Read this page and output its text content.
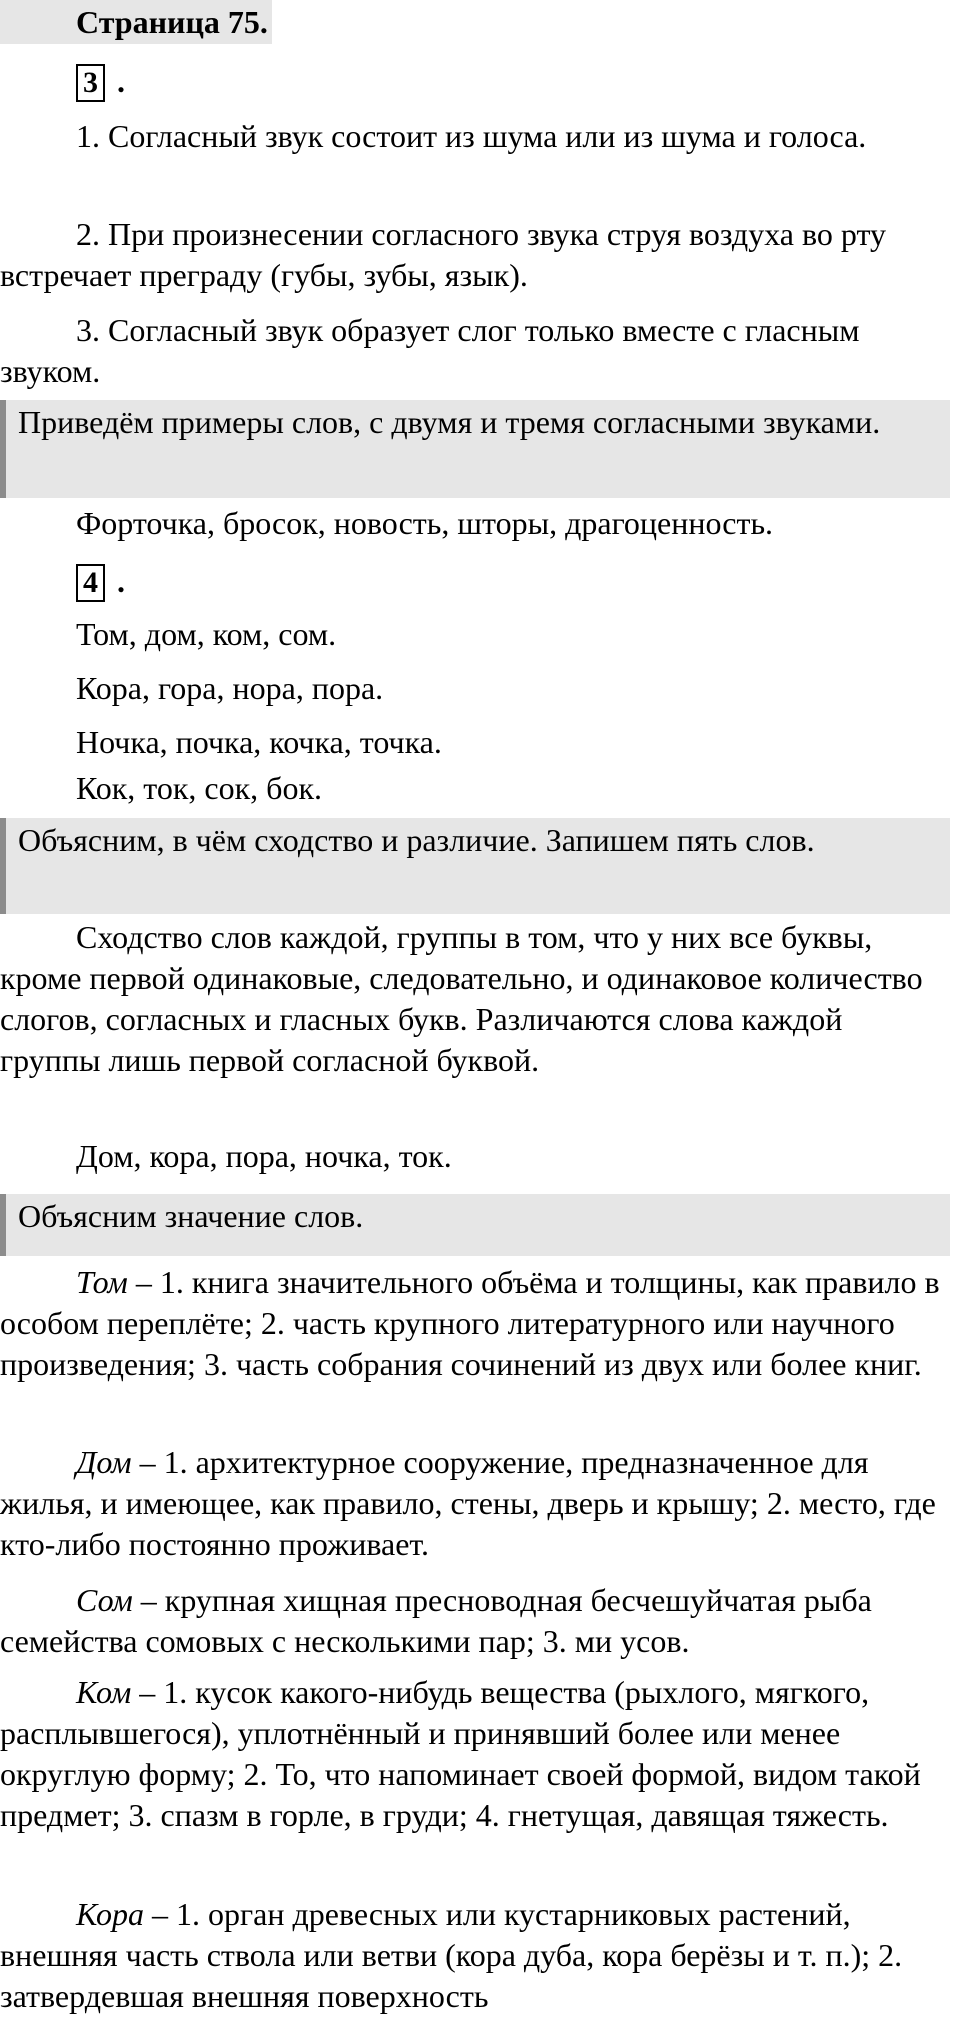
Страница 75.
3 .

1. Согласный звук состоит из шума или из шума и голоса.

2. При произнесении согласного звука струя воздуха во рту встречает преграду (губы, зубы, язык).

3. Согласный звук образует слог только вместе с гласным звуком.

Приведём примеры слов, с двумя и тремя согласными звуками.

Форточка, бросок, новость, шторы, драгоценность.

4 .

Том, дом, ком, сом.

Кора, гора, нора, пора.

Ночка, почка, кочка, точка.

Кок, ток, сок, бок.

Объясним, в чём сходство и различие. Запишем пять слов.

Сходство слов каждой, группы в том, что у них все буквы, кроме первой одинаковые, следовательно, и одинаковое количество слогов, согласных и гласных букв. Различаются слова каждой группы лишь первой согласной буквой.

Дом, кора, пора, ночка, ток.

Объясним значение слов.

Том – 1. книга значительного объёма и толщины, как правило в особом переплёте; 2. часть крупного литературного или научного произведения; 3. часть собрания сочинений из двух или более книг.

Дом – 1. архитектурное сооружение, предназначенное для жилья, и имеющее, как правило, стены, дверь и крышу; 2. место, где кто-либо постоянно проживает.

Сом – крупная хищная пресноводная бесчешуйчатая рыба семейства сомовых с несколькими пар; 3. ми усов.

Ком – 1. кусок какого-нибудь вещества (рыхлого, мягкого, расплывшегося), уплотнённый и принявший более или менее округлую форму; 2. То, что напоминает своей формой, видом такой предмет; 3. спазм в горле, в груди; 4. гнетущая, давящая тяжесть.

Кора – 1. орган древесных или кустарниковых растений, внешняя часть ствола или ветви (кора дуба, кора берёзы и т. п.); 2. затвердевшая внешняя поверхность
